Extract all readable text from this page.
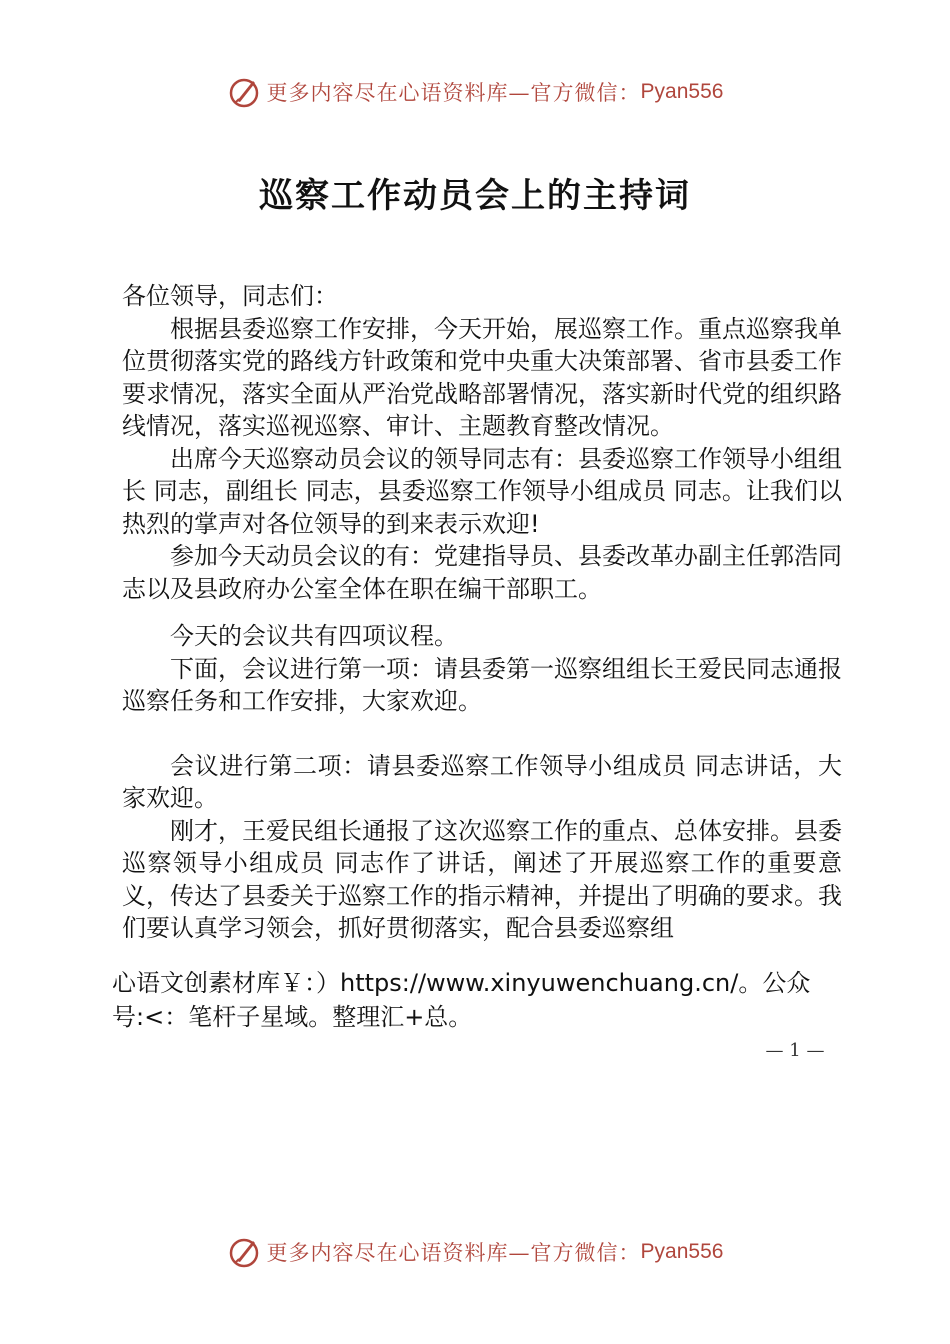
更多内容尽在心语资料库—官方微信： Pyan556
巡察工作动员会上的主持词

各位领导，同志们：

根据县委巡察工作安排，今天开始，展巡察工作。重点巡察我单位贯彻落实党的路线方针政策和党中央重大决策部署、省市县委工作要求情况，落实全面从严治党战略部署情况，落实新时代党的组织路线情况，落实巡视巡察、审计、主题教育整改情况。

出席今天巡察动员会议的领导同志有：县委巡察工作领导小组组长 同志，副组长 同志，县委巡察工作领导小组成员 同志。让我们以热烈的掌声对各位领导的到来表示欢迎!

参加今天动员会议的有：党建指导员、县委改革办副主任郭浩同志以及县政府办公室全体在职在编干部职工。

今天的会议共有四项议程。

下面，会议进行第一项：请县委第一巡察组组长王爱民同志通报巡察任务和工作安排，大家欢迎。

会议进行第二项：请县委巡察工作领导小组成员 同志讲话，大家欢迎。

刚才，王爱民组长通报了这次巡察工作的重点、总体安排。县委巡察领导小组成员 同志作了讲话，阐述了开展巡察工作的重要意义，传达了县委关于巡察工作的指示精神，并提出了明确的要求。我们要认真学习领会，抓好贯彻落实，配合县委巡察组

心语文创素材库￥：）https://www.xinyuwenchuang.cn/。公众号:<：笔杆子星域。整理汇+总。

— 1 —
更多内容尽在心语资料库—官方微信： Pyan556
